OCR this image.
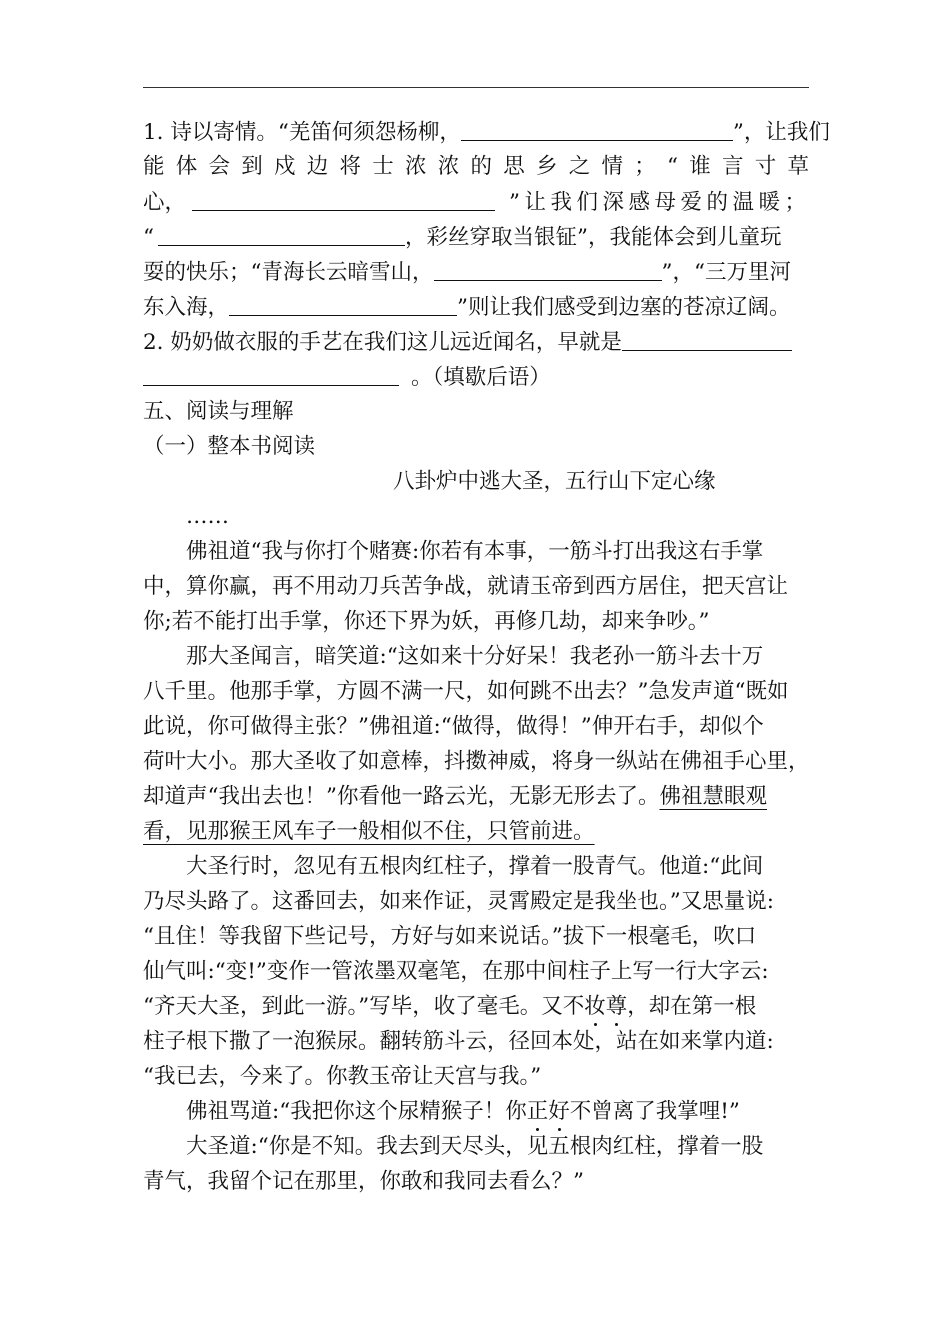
1. 诗以寄情。“羌笛何须怨杨柳，	”，让我们
能 体 会 到 戍 边 将 士 浓 浓 的 思 乡 之 情 ； “ 谁 言 寸 草
心，	”让我们深感母爱的温暖；
“	，彩丝穿取当银钲”，我能体会到儿童玩
耍的快乐；“青海长云暗雪山，	”，“三万里河
东入海，	”则让我们感受到边塞的苍凉辽阔。
2. 奶奶做衣服的手艺在我们这儿远近闻名，早就是
。（填歇后语）
五、阅读与理解
（一）整本书阅读
八卦炉中逃大圣，五行山下定心缘
……
佛祖道“我与你打个赌赛:你若有本事，一筋斗打出我这右手掌
中，算你赢，再不用动刀兵苦争战，就请玉帝到西方居住，把天宫让
你;若不能打出手掌，你还下界为妖，再修几劫，却来争吵。”
那大圣闻言，暗笑道:“这如来十分好呆！我老孙一筋斗去十万
八千里。他那手掌，方圆不满一尺，如何跳不出去？”急发声道“既如
此说，你可做得主张？”佛祖道:“做得，做得！”伸开右手，却似个
荷叶大小。那大圣收了如意棒，抖擞神威，将身一纵站在佛祖手心里，
却道声“我出去也！”你看他一路云光，无影无形去了。佛祖慧眼观
看，见那猴王风车子一般相似不住，只管前进。
大圣行时，忽见有五根肉红柱子，撑着一股青气。他道:“此间
乃尽头路了。这番回去，如来作证，灵霄殿定是我坐也。”又思量说:
“且住！等我留下些记号，方好与如来说话。”拔下一根毫毛，吹口
仙气叫:“变!”变作一管浓墨双毫笔，在那中间柱子上写一行大字云:
“齐天大圣，到此一游。”写毕，收了毫毛。又不妆尊，却在第一根
柱子根下撒了一泡猴尿。翻转筋斗云，径回本处，站在如来掌内道:
“我已去，今来了。你教玉帝让天宫与我。”
佛祖骂道:“我把你这个尿精猴子！你正好不曾离了我掌哩!”
大圣道:“你是不知。我去到天尽头，见五根肉红柱，撑着一股
青气，我留个记在那里，你敢和我同去看么？”
